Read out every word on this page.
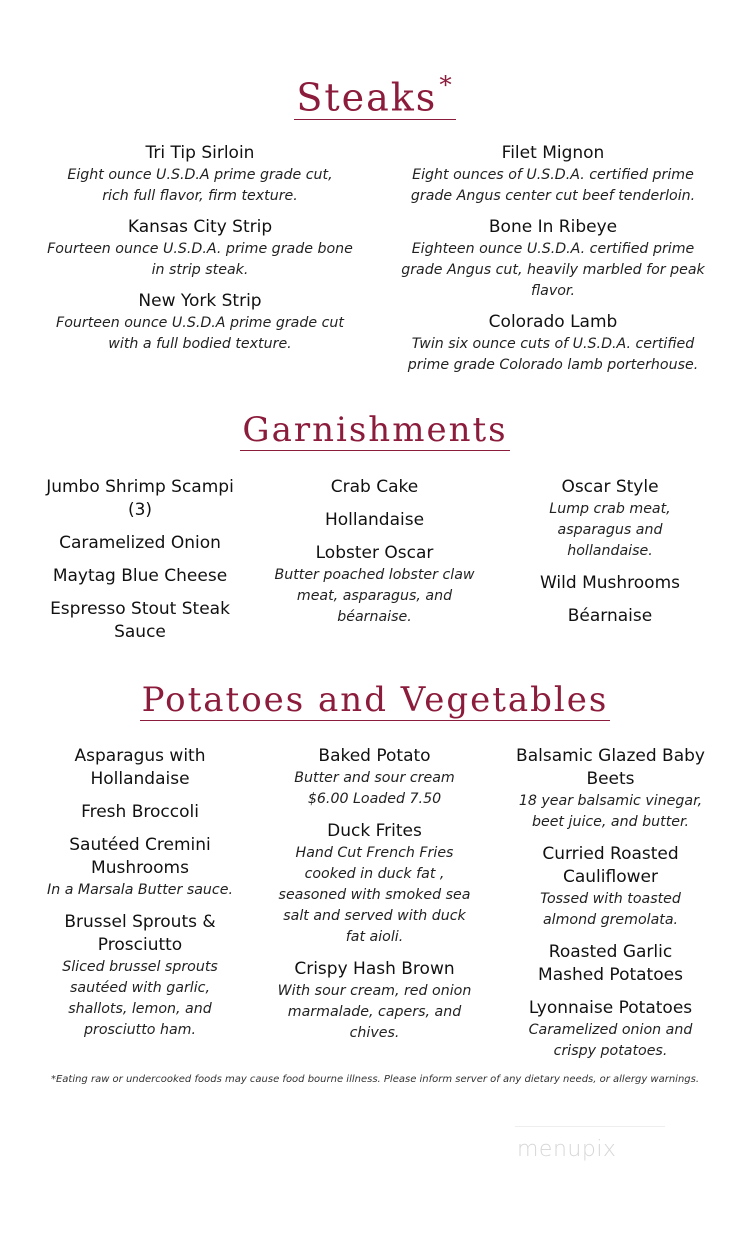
Steaks*
Tri Tip Sirloin
Eight ounce U.S.D.A prime grade cut, rich full flavor, firm texture.
Kansas City Strip
Fourteen ounce U.S.D.A. prime grade bone in strip steak.
New York Strip
Fourteen ounce U.S.D.A prime grade cut with a full bodied texture.
Filet Mignon
Eight ounces of U.S.D.A. certified prime grade Angus center cut beef tenderloin.
Bone In Ribeye
Eighteen ounce U.S.D.A. certified prime grade Angus cut, heavily marbled for peak flavor.
Colorado Lamb
Twin six ounce cuts of U.S.D.A. certified prime grade Colorado lamb porterhouse.
Garnishments
Jumbo Shrimp Scampi (3)
Caramelized Onion
Maytag Blue Cheese
Espresso Stout Steak Sauce
Crab Cake
Hollandaise
Lobster Oscar
Butter poached lobster claw meat, asparagus, and béarnaise.
Oscar Style
Lump crab meat, asparagus and hollandaise.
Wild Mushrooms
Béarnaise
Potatoes and Vegetables
Asparagus with Hollandaise
Fresh Broccoli
Sautéed Cremini Mushrooms
In a Marsala Butter sauce.
Brussel Sprouts & Prosciutto
Sliced brussel sprouts sautéed with garlic, shallots, lemon, and prosciutto ham.
Baked Potato
Butter and sour cream $6.00 Loaded 7.50
Duck Frites
Hand Cut French Fries cooked in duck fat , seasoned with smoked sea salt and served with duck fat aioli.
Crispy Hash Brown
With sour cream, red onion marmalade, capers, and chives.
Balsamic Glazed Baby Beets
18 year balsamic vinegar, beet juice, and butter.
Curried Roasted Cauliflower
Tossed with toasted almond gremolata.
Roasted Garlic Mashed Potatoes
Lyonnaise Potatoes
Caramelized onion and crispy potatoes.
*Eating raw or undercooked foods may cause food bourne illness. Please inform server of any dietary needs, or allergy warnings.
menupix
